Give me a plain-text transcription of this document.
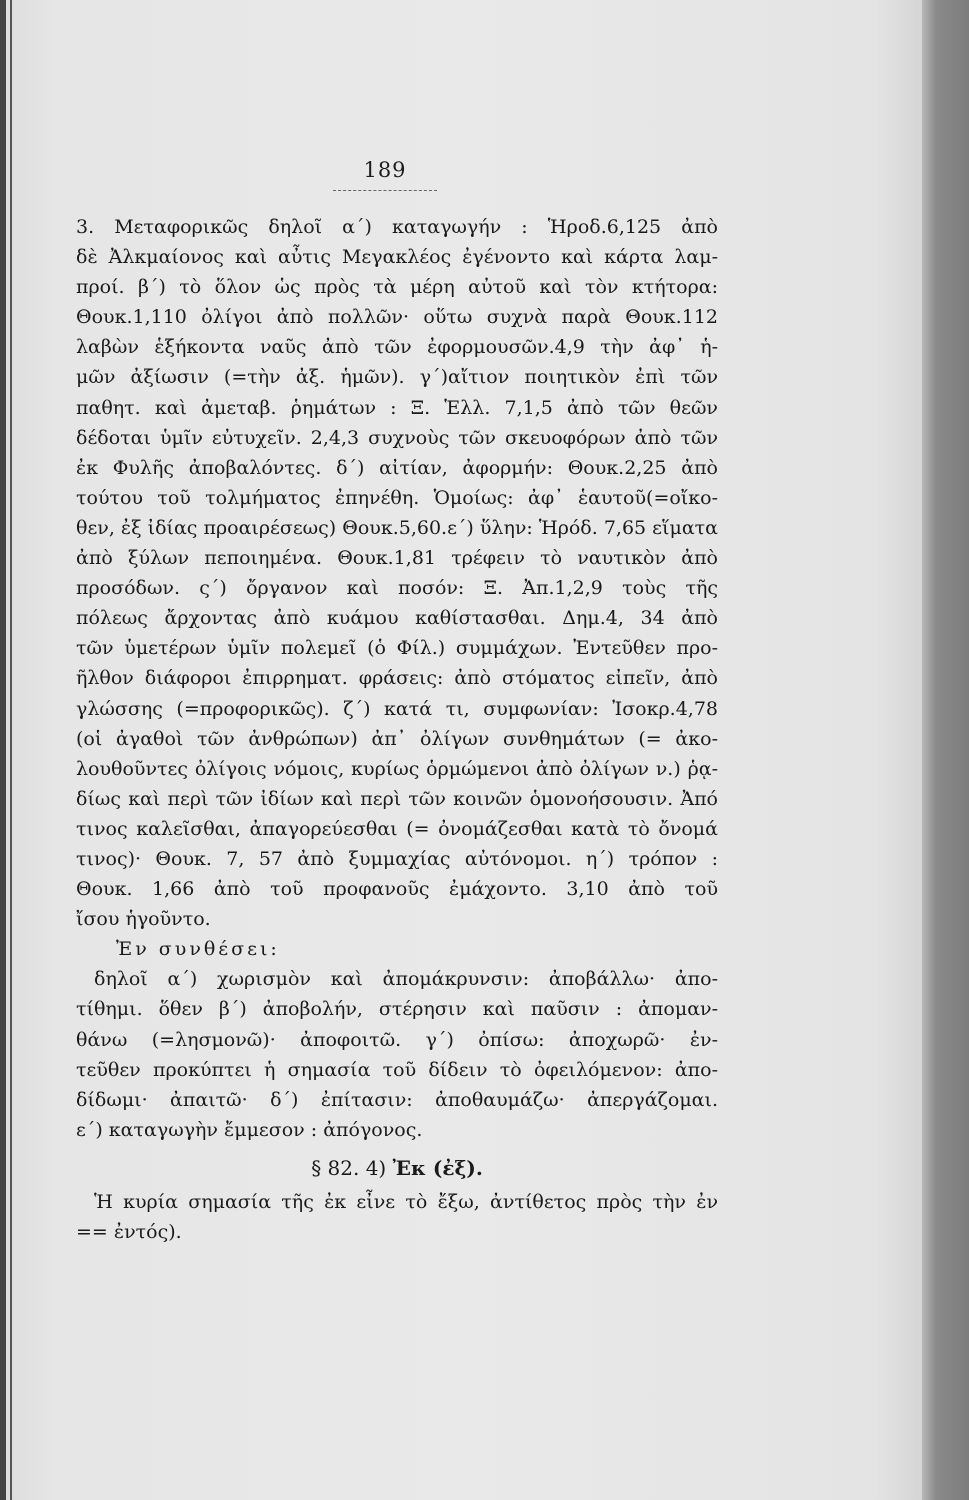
189
3. Μεταφορικῶς δηλοῖ α΄) καταγωγήν : Ἡροδ.6,125 ἀπὸ
δὲ Ἀλκμαίονος καὶ αὖτις Μεγακλέος ἐγένοντο καὶ κάρτα λαμ-
προί. β΄) τὸ ὅλον ὡς πρὸς τὰ μέρη αὐτοῦ καὶ τὸν κτήτορα:
Θουκ.1,110 ὀλίγοι ἀπὸ πολλῶν· οὕτω συχνὰ παρὰ Θουκ.112
λαβὼν ἑξήκοντα ναῦς ἀπὸ τῶν ἐφορμουσῶν.4,9 τὴν ἀφ᾽ ἡ-
μῶν ἀξίωσιν (=τὴν ἀξ. ἡμῶν). γ΄)αἴτιον ποιητικὸν ἐπὶ τῶν
παθητ. καὶ ἀμεταβ. ῥημάτων : Ξ. Ἑλλ. 7,1,5 ἀπὸ τῶν θεῶν
δέδοται ὑμῖν εὐτυχεῖν. 2,4,3 συχνοὺς τῶν σκευοφόρων ἀπὸ τῶν
ἐκ Φυλῆς ἀποβαλόντες. δ΄) αἰτίαν, ἀφορμήν: Θουκ.2,25 ἀπὸ
τούτου τοῦ τολμήματος ἐπηνέθη. Ὁμοίως: ἀφ᾽ ἑαυτοῦ(=οἴκο-
θεν, ἐξ ἰδίας προαιρέσεως) Θουκ.5,60.ε΄) ὕλην: Ἡρόδ. 7,65 εἵματα
ἀπὸ ξύλων πεποιημένα. Θουκ.1,81 τρέφειν τὸ ναυτικὸν ἀπὸ
προσόδων. ς΄) ὄργανον καὶ ποσόν: Ξ. Ἀπ.1,2,9 τοὺς τῆς
πόλεως ἄρχοντας ἀπὸ κυάμου καθίστασθαι. Δημ.4, 34 ἀπὸ
τῶν ὑμετέρων ὑμῖν πολεμεῖ (ὁ Φίλ.) συμμάχων. Ἐντεῦθεν προ-
ῆλθον διάφοροι ἐπιρρηματ. φράσεις: ἀπὸ στόματος εἰπεῖν, ἀπὸ
γλώσσης (=προφορικῶς). ζ΄) κατά τι, συμφωνίαν: Ἰσοκρ.4,78
(οἱ ἀγαθοὶ τῶν ἀνθρώπων) ἀπ᾽ ὀλίγων συνθημάτων (= ἀκο-
λουθοῦντες ὀλίγοις νόμοις, κυρίως ὁρμώμενοι ἀπὸ ὀλίγων ν.) ῥᾳ-
δίως καὶ περὶ τῶν ἰδίων καὶ περὶ τῶν κοινῶν ὁμονοήσουσιν. Ἀπό
τινος καλεῖσθαι, ἀπαγορεύεσθαι (= ὀνομάζεσθαι κατὰ τὸ ὄνομά
τινος)· Θουκ. 7, 57 ἀπὸ ξυμμαχίας αὐτόνομοι. η΄) τρόπον :
Θουκ. 1,66 ἀπὸ τοῦ προφανοῦς ἐμάχοντο. 3,10 ἀπὸ τοῦ
ἴσου ἡγοῦντο.
Ἐν συνθέσει:
δηλοῖ α΄) χωρισμὸν καὶ ἀπομάκρυνσιν: ἀποβάλλω· ἀπο-
τίθημι. ὅθεν β΄) ἀποβολήν, στέρησιν καὶ παῦσιν : ἀπομαν-
θάνω (=λησμονῶ)· ἀποφοιτῶ. γ΄) ὀπίσω: ἀποχωρῶ· ἐν-
τεῦθεν προκύπτει ἡ σημασία τοῦ δίδειν τὸ ὀφειλόμενον: ἀπο-
δίδωμι· ἀπαιτῶ· δ΄) ἐπίτασιν: ἀποθαυμάζω· ἀπεργάζομαι.
ε΄) καταγωγὴν ἔμμεσον : ἀπόγονος.
§ 82. 4) Ἐκ (ἐξ).
Ἡ κυρία σημασία τῆς ἐκ εἶνε τὸ ἔξω, ἀντίθετος πρὸς τὴν ἐν
== ἐντός).
